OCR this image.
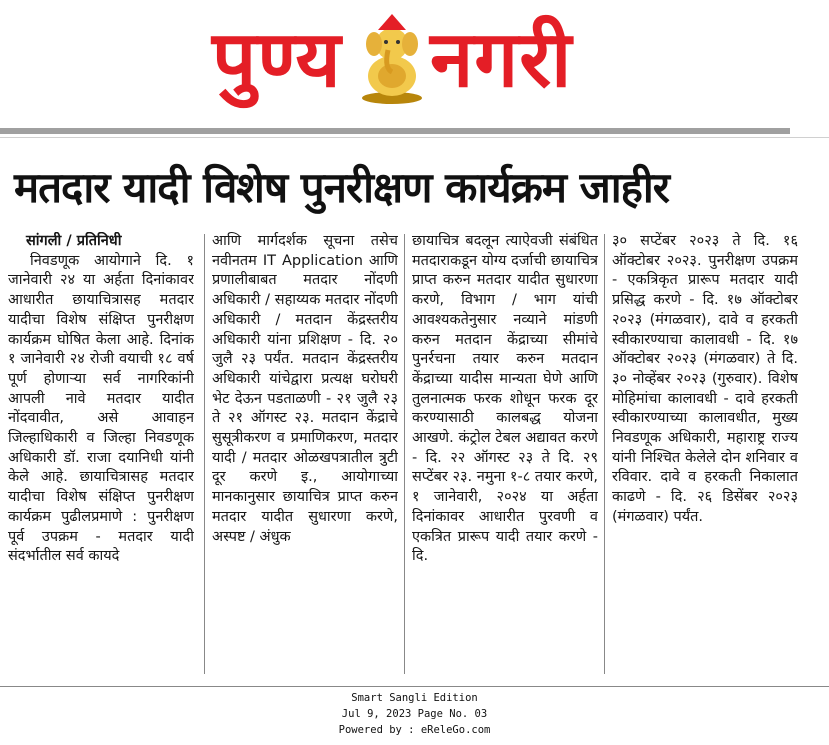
पुण्य नगरी
मतदार यादी विशेष पुनरीक्षण कार्यक्रम जाहीर
सांगली / प्रतिनिधी
निवडणूक आयोगाने दि. १ जानेवारी २४ या अर्हता दिनांकावर आधारीत छायाचित्रासह मतदार यादीचा विशेष संक्षिप्त पुनरीक्षण कार्यक्रम घोषित केला आहे. दिनांक १ जानेवारी २४ रोजी वयाची १८ वर्ष पूर्ण होणाऱ्या सर्व नागरिकांनी आपली नावे मतदार यादीत नोंदवावीत, असे आवाहन जिल्हाधिकारी व जिल्हा निवडणूक अधिकारी डॉ. राजा दयानिधी यांनी केले आहे. छायाचित्रासह मतदार यादीचा विशेष संक्षिप्त पुनरीक्षण कार्यक्रम पुढीलप्रमाणे : पुनरीक्षण पूर्व उपक्रम - मतदार यादी संदर्भातील सर्व कायदे
आणि मार्गदर्शक सूचना तसेच नवीनतम IT Application आणि प्रणालीबाबत मतदार नोंदणी अधिकारी / सहाय्यक मतदार नोंदणी अधिकारी / मतदान केंद्रस्तरीय अधिकारी यांना प्रशिक्षण - दि. २० जुलै २३ पर्यंत. मतदान केंद्रस्तरीय अधिकारी यांचेद्वारा प्रत्यक्ष घरोघरी भेट देऊन पडताळणी - २१ जुलै २३ ते २१ ऑगस्ट २३. मतदान केंद्राचे सुसूत्रीकरण व प्रमाणिकरण, मतदार यादी / मतदार ओळखपत्रातील त्रुटी दूर करणे इ., आयोगाच्या मानकानुसार छायाचित्र प्राप्त करुन मतदार यादीत सुधारणा करणे, अस्पष्ट / अंधुक
छायाचित्र बदलून त्याऐवजी संबंधित मतदाराकडून योग्य दर्जाची छायाचित्र प्राप्त करुन मतदार यादीत सुधारणा करणे, विभाग / भाग यांची आवश्यकतेनुसार नव्याने मांडणी करुन मतदान केंद्राच्या सीमांचे पुनर्रचना तयार करुन मतदान केंद्राच्या यादीस मान्यता घेणे आणि तुलनात्मक फरक शोधून फरक दूर करण्यासाठी कालबद्ध योजना आखणे. कंट्रोल टेबल अद्यावत करणे - दि. २२ ऑगस्ट २३ ते दि. २९ सप्टेंबर २३. नमुना १-८ तयार करणे, १ जानेवारी, २०२४ या अर्हता दिनांकावर आधारीत पुरवणी व एकत्रित प्रारूप यादी तयार करणे - दि.
३० सप्टेंबर २०२३ ते दि. १६ ऑक्टोबर २०२३. पुनरीक्षण उपक्रम - एकत्रिकृत प्रारूप मतदार यादी प्रसिद्ध करणे - दि. १७ ऑक्टोबर २०२३ (मंगळवार), दावे व हरकती स्वीकारण्याचा कालावधी - दि. १७ ऑक्टोबर २०२३ (मंगळवार) ते दि. ३० नोव्हेंबर २०२३ (गुरुवार). विशेष मोहिमांचा कालावधी - दावे हरकती स्वीकारण्याच्या कालावधीत, मुख्य निवडणूक अधिकारी, महाराष्ट्र राज्य यांनी निश्चित केलेले दोन शनिवार व रविवार. दावे व हरकती निकालात काढणे - दि. २६ डिसेंबर २०२३ (मंगळवार) पर्यंत.
Smart Sangli Edition
Jul 9, 2023 Page No. 03
Powered by : eReleGo.com
